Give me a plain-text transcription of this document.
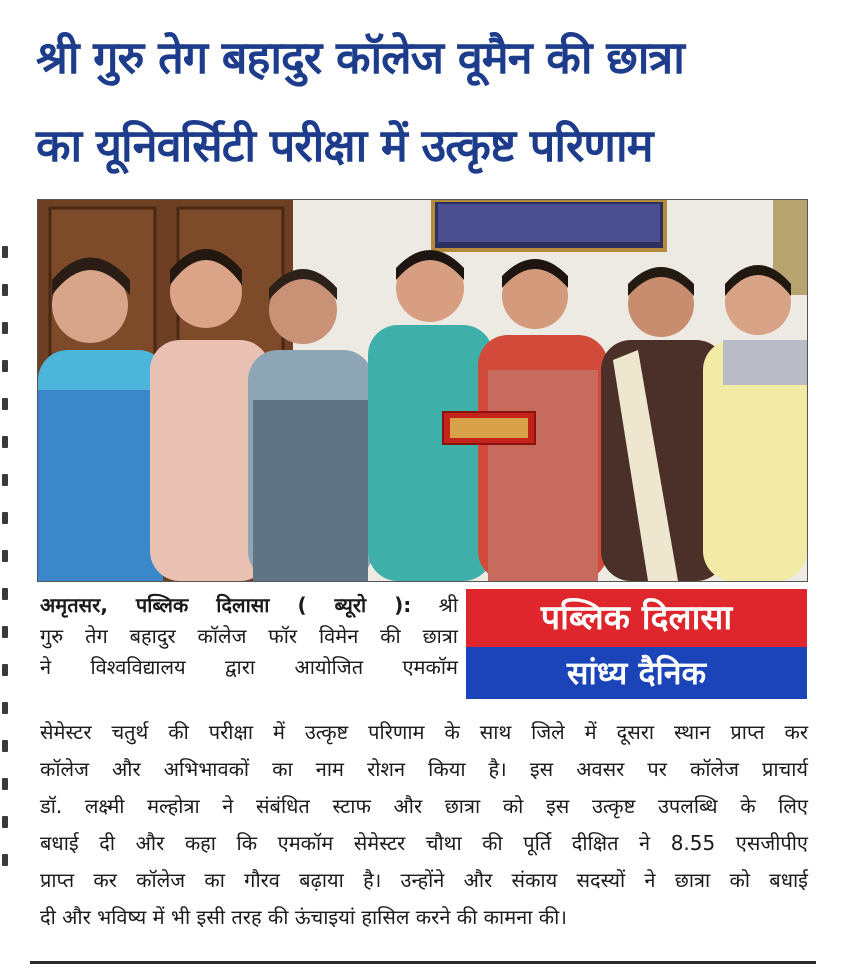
श्री गुरु तेग बहादुर कॉलेज वूमैन की छात्रा
का यूनिवर्सिटी परीक्षा में उत्कृष्ट परिणाम

अमृतसर, पब्लिक दिलासा ( ब्यूरो ): श्री
गुरु तेग बहादुर कॉलेज फॉर विमेन की छात्रा
ने विश्वविद्यालय द्वारा आयोजित एमकॉम

पब्लिक दिलासा
सांध्य दैनिक

सेमेस्टर चतुर्थ की परीक्षा में उत्कृष्ट परिणाम के साथ जिले में दूसरा स्थान प्राप्त कर
कॉलेज और अभिभावकों का नाम रोशन किया है। इस अवसर पर कॉलेज प्राचार्य
डॉ. लक्ष्मी मल्होत्रा ने संबंधित स्टाफ और छात्रा को इस उत्कृष्ट उपलब्धि के लिए
बधाई दी और कहा कि एमकॉम सेमेस्टर चौथा की पूर्ति दीक्षित ने 8.55 एसजीपीए
प्राप्त कर कॉलेज का गौरव बढ़ाया है। उन्होंने और संकाय सदस्यों ने छात्रा को बधाई
दी और भविष्य में भी इसी तरह की ऊंचाइयां हासिल करने की कामना की।
